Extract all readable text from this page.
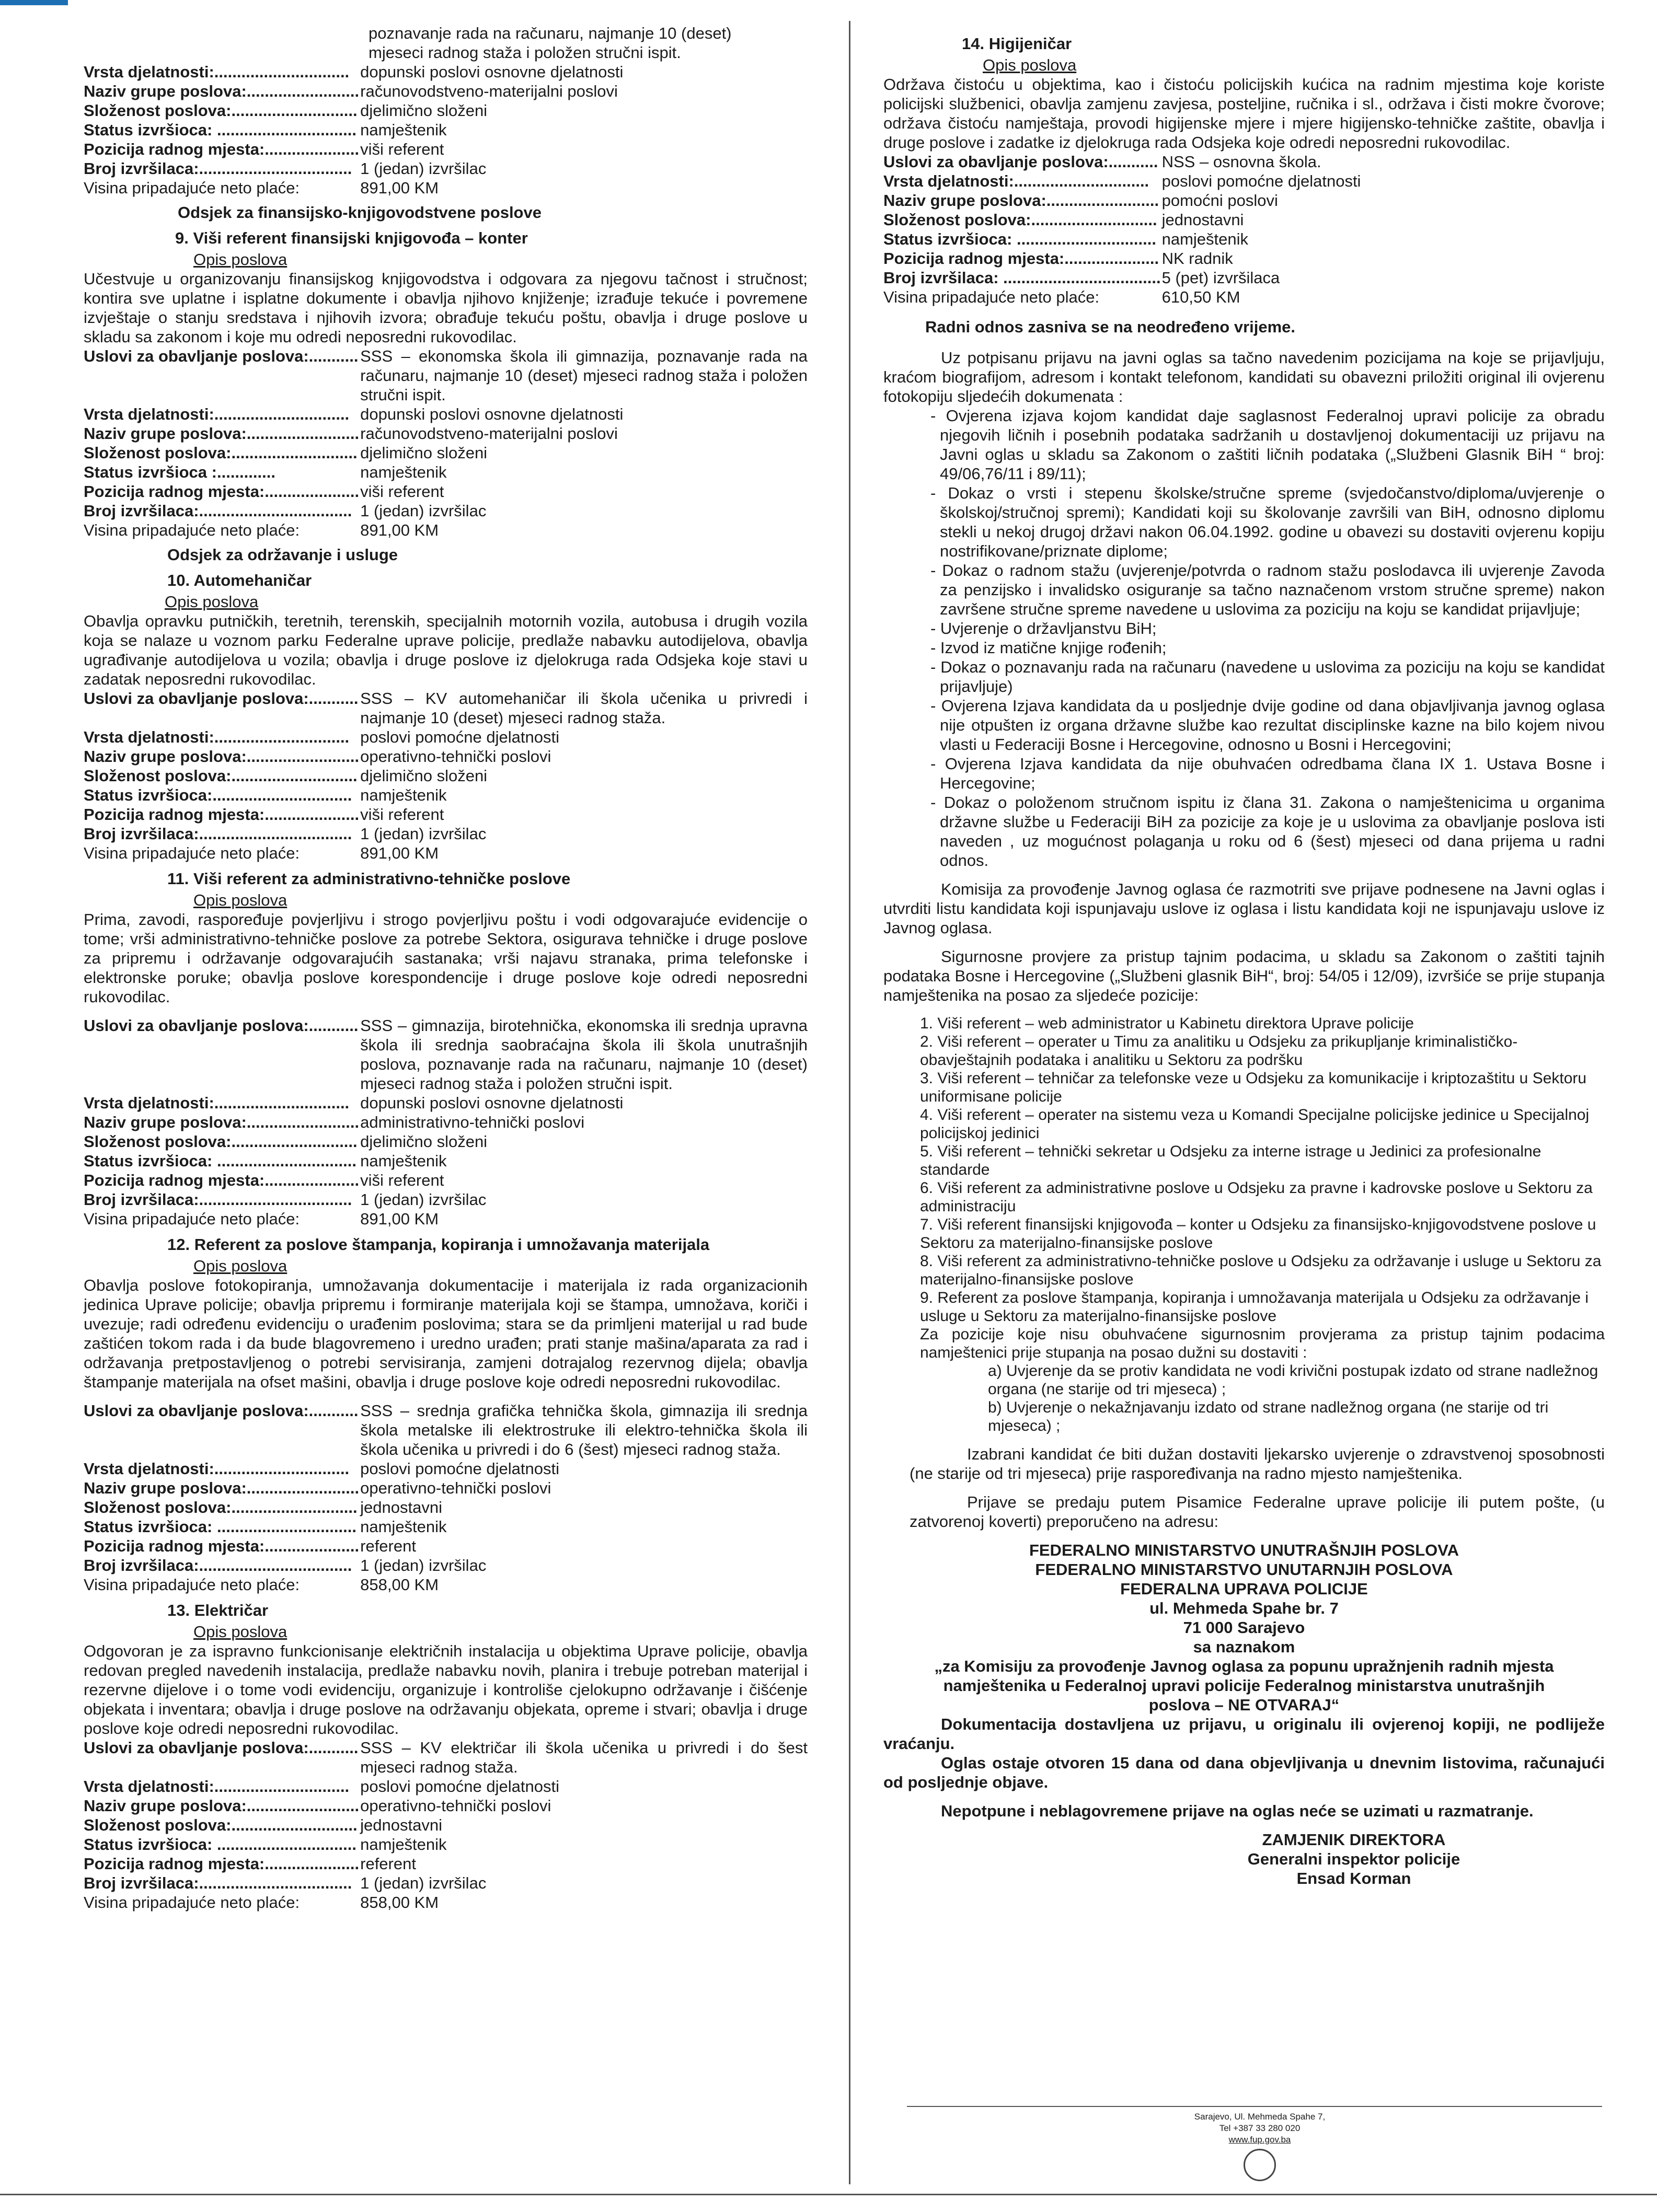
poznavanje rada na računaru, najmanje 10 (deset)
mjeseci radnog staža i položen stručni ispit.
Vrsta djelatnosti:..............................	dopunski poslovi osnovne djelatnosti
Naziv grupe poslova:.........................	računovodstveno-materijalni poslovi
Složenost poslova:............................	djelimično složeni
Status izvršioca: ...............................	namještenik
Pozicija radnog mjesta:.....................	viši referent
Broj izvršilaca:..................................	1 (jedan) izvršilac
Visina pripadajuće neto plaće:	891,00 KM
Odsjek za finansijsko-knjigovodstvene poslove
9. Viši referent finansijski knjigovođa – konter
Opis poslova

Učestvuje u organizovanju finansijskog knjigovodstva i odgovara za njegovu tačnost i stručnost; kontira sve uplatne i isplatne dokumente i obavlja njihovo knjiženje; izrađuje tekuće i povremene izvještaje o stanju sredstava i njihovih izvora; obrađuje tekuću poštu, obavlja i druge poslove u skladu sa zakonom i koje mu odredi neposredni rukovodilac.

Uslovi za obavljanje poslova:...........	SSS – ekonomska škola ili gimnazija, poznavanje rada na računaru, najmanje 10 (deset) mjeseci radnog staža i položen stručni ispit.
Vrsta djelatnosti:..............................	dopunski poslovi osnovne djelatnosti
Naziv grupe poslova:.........................	računovodstveno-materijalni poslovi
Složenost poslova:............................	djelimično složeni
Status izvršioca :.............	namještenik
Pozicija radnog mjesta:.....................	viši referent
Broj izvršilaca:..................................	1 (jedan) izvršilac
Visina pripadajuće neto plaće:	891,00 KM
Odsjek za održavanje i usluge
10. Automehaničar
Opis poslova

Obavlja opravku putničkih, teretnih, terenskih, specijalnih motornih vozila, autobusa i drugih vozila koja se nalaze u voznom parku Federalne uprave policije, predlaže nabavku autodijelova, obavlja ugrađivanje autodijelova u vozila; obavlja i druge poslove iz djelokruga rada Odsjeka koje stavi u zadatak neposredni rukovodilac.

Uslovi za obavljanje poslova:...........	SSS – KV automehaničar ili škola učenika u privredi i najmanje 10 (deset) mjeseci radnog staža.
Vrsta djelatnosti:..............................	poslovi pomoćne djelatnosti
Naziv grupe poslova:.........................	operativno-tehnički poslovi
Složenost poslova:............................	djelimično složeni
Status izvršioca:...............................	namještenik
Pozicija radnog mjesta:.....................	viši referent
Broj izvršilaca:..................................	1 (jedan) izvršilac
Visina pripadajuće neto plaće:	891,00 KM
11. Viši referent za administrativno-tehničke poslove
Opis poslova

Prima, zavodi, raspoređuje povjerljivu i strogo povjerljivu poštu i vodi odgovarajuće evidencije o tome; vrši administrativno-tehničke poslove za potrebe Sektora, osigurava tehničke i druge poslove za pripremu i održavanje odgovarajućih sastanaka; vrši najavu stranaka, prima telefonske i elektronske poruke; obavlja poslove korespondencije i druge poslove koje odredi neposredni rukovodilac.

Uslovi za obavljanje poslova:...........	SSS – gimnazija, birotehnička, ekonomska ili srednja upravna škola ili srednja saobraćajna škola ili škola unutrašnjih poslova, poznavanje rada na računaru, najmanje 10 (deset) mjeseci radnog staža i položen stručni ispit.
Vrsta djelatnosti:..............................	dopunski poslovi osnovne djelatnosti
Naziv grupe poslova:.........................	administrativno-tehnički poslovi
Složenost poslova:............................	djelimično složeni
Status izvršioca: ...............................	namještenik
Pozicija radnog mjesta:.....................	viši referent
Broj izvršilaca:..................................	1 (jedan) izvršilac
Visina pripadajuće neto plaće:	891,00 KM
12. Referent za poslove štampanja, kopiranja i umnožavanja materijala
Opis poslova

Obavlja poslove fotokopiranja, umnožavanja dokumentacije i materijala iz rada organizacionih jedinica Uprave policije; obavlja pripremu i formiranje materijala koji se štampa, umnožava, koriči i uvezuje; radi određenu evidenciju o urađenim poslovima; stara se da primljeni materijal u rad bude zaštićen tokom rada i da bude blagovremeno i uredno urađen; prati stanje mašina/aparata za rad i održavanja pretpostavljenog o potrebi servisiranja, zamjeni dotrajalog rezervnog dijela; obavlja štampanje materijala na ofset mašini, obavlja i druge poslove koje odredi neposredni rukovodilac.

Uslovi za obavljanje poslova:...........	SSS – srednja grafička tehnička škola, gimnazija ili srednja škola metalske ili elektrostruke ili elektro-tehnička škola ili škola učenika u privredi i do 6 (šest) mjeseci radnog staža.
Vrsta djelatnosti:..............................	poslovi pomoćne djelatnosti
Naziv grupe poslova:.........................	operativno-tehnički poslovi
Složenost poslova:............................	jednostavni
Status izvršioca: ...............................	namještenik
Pozicija radnog mjesta:.....................	referent
Broj izvršilaca:..................................	1 (jedan) izvršilac
Visina pripadajuće neto plaće:	858,00 KM
13. Električar
Opis poslova

Odgovoran je za ispravno funkcionisanje električnih instalacija u objektima Uprave policije, obavlja redovan pregled navedenih instalacija, predlaže nabavku novih, planira i trebuje potreban materijal i rezervne dijelove i o tome vodi evidenciju, organizuje i kontroliše cjelokupno održavanje i čišćenje objekata i inventara; obavlja i druge poslove na održavanju objekata, opreme i stvari; obavlja i druge poslove koje odredi neposredni rukovodilac.

Uslovi za obavljanje poslova:...........	SSS – KV električar ili škola učenika u privredi i do šest mjeseci radnog staža.
Vrsta djelatnosti:..............................	poslovi pomoćne djelatnosti
Naziv grupe poslova:.........................	operativno-tehnički poslovi
Složenost poslova:............................	jednostavni
Status izvršioca: ...............................	namještenik
Pozicija radnog mjesta:.....................	referent
Broj izvršilaca:..................................	1 (jedan) izvršilac
Visina pripadajuće neto plaće:	858,00 KM
14. Higijeničar
Opis poslova

Održava čistoću u objektima, kao i čistoću policijskih kućica na radnim mjestima koje koriste policijski službenici, obavlja zamjenu zavjesa, posteljine, ručnika i sl., održava i čisti mokre čvorove; održava čistoću namještaja, provodi higijenske mjere i mjere higijensko-tehničke zaštite, obavlja i druge poslove i zadatke iz djelokruga rada Odsjeka koje odredi neposredni rukovodilac.

Uslovi za obavljanje poslova:...........	NSS – osnovna škola.
Vrsta djelatnosti:..............................	poslovi pomoćne djelatnosti
Naziv grupe poslova:.........................	pomoćni poslovi
Složenost poslova:............................	jednostavni
Status izvršioca: ...............................	namještenik
Pozicija radnog mjesta:.....................	NK radnik
Broj izvršilaca: ...................................	5 (pet) izvršilaca
Visina pripadajuće neto plaće:	610,50 KM
Radni odnos zasniva se na neodređeno vrijeme.

Uz potpisanu prijavu na javni oglas sa tačno navedenim pozicijama na koje se prijavljuju, kraćom biografijom, adresom i kontakt telefonom, kandidati su obavezni priložiti original ili ovjerenu fotokopiju sljedećih dokumenata :

- Ovjerena izjava kojom kandidat daje saglasnost Federalnoj upravi policije za obradu njegovih ličnih i posebnih podataka sadržanih u dostavljenoj dokumentaciji uz prijavu na Javni oglas u skladu sa Zakonom o zaštiti ličnih podataka („Službeni Glasnik BiH “ broj: 49/06,76/11 i 89/11);
- Dokaz o vrsti i stepenu školske/stručne spreme (svjedočanstvo/diploma/uvjerenje o školskoj/stručnoj spremi); Kandidati koji su školovanje završili van BiH, odnosno diplomu stekli u nekoj drugoj državi nakon 06.04.1992. godine u obavezi su dostaviti ovjerenu kopiju nostrifikovane/priznate diplome;
- Dokaz o radnom stažu (uvjerenje/potvrda o radnom stažu poslodavca ili uvjerenje Zavoda za penzijsko i invalidsko osiguranje sa tačno naznačenom vrstom stručne spreme) nakon završene stručne spreme navedene u uslovima za poziciju na koju se kandidat prijavljuje;
- Uvjerenje o državljanstvu BiH;
- Izvod iz matične knjige rođenih;
- Dokaz o poznavanju rada na računaru (navedene u uslovima za poziciju na koju se kandidat prijavljuje)
- Ovjerena Izjava kandidata da u posljednje dvije godine od dana objavljivanja javnog oglasa nije otpušten iz organa državne službe kao rezultat disciplinske kazne na bilo kojem nivou vlasti u Federaciji Bosne i Hercegovine, odnosno u Bosni i Hercegovini;
- Ovjerena Izjava kandidata da nije obuhvaćen odredbama člana IX 1. Ustava Bosne i Hercegovine;
- Dokaz o položenom stručnom ispitu iz člana 31. Zakona o namještenicima u organima državne službe u Federaciji BiH za pozicije za koje je u uslovima za obavljanje poslova isti naveden , uz mogućnost polaganja u roku od 6 (šest) mjeseci od dana prijema u radni odnos.

Komisija za provođenje Javnog oglasa će razmotriti sve prijave podnesene na Javni oglas i utvrditi listu kandidata koji ispunjavaju uslove iz oglasa i listu kandidata koji ne ispunjavaju uslove iz Javnog oglasa.

Sigurnosne provjere za pristup tajnim podacima, u skladu sa Zakonom o zaštiti tajnih podataka Bosne i Hercegovine („Službeni glasnik BiH“, broj: 54/05 i 12/09), izvršiće se prije stupanja namještenika na posao za sljedeće pozicije:

1. Viši referent – web administrator u Kabinetu direktora Uprave policije
2. Viši referent – operater u Timu za analitiku u Odsjeku za prikupljanje kriminalističko-obavještajnih podataka i analitiku u Sektoru za podršku
3. Viši referent – tehničar za telefonske veze u Odsjeku za komunikacije i kriptozaštitu u Sektoru uniformisane policije
4. Viši referent – operater na sistemu veza u Komandi Specijalne policijske jedinice u Specijalnoj policijskoj jedinici
5. Viši referent – tehnički sekretar u Odsjeku za interne istrage u Jedinici za profesionalne standarde
6. Viši referent za administrativne poslove u Odsjeku za pravne i kadrovske poslove u Sektoru za administraciju
7. Viši referent finansijski knjigovođa – konter u Odsjeku za finansijsko-knjigovodstvene poslove u Sektoru za materijalno-finansijske poslove
8. Viši referent za administrativno-tehničke poslove u Odsjeku za održavanje i usluge u Sektoru za materijalno-finansijske poslove
9. Referent za poslove štampanja, kopiranja i umnožavanja materijala u Odsjeku za održavanje i usluge u Sektoru za materijalno-finansijske poslove

Za pozicije koje nisu obuhvaćene sigurnosnim provjerama za pristup tajnim podacima namještenici prije stupanja na posao dužni su dostaviti :

a) Uvjerenje da se protiv kandidata ne vodi krivični postupak izdato od strane nadležnog organa (ne starije od tri mjeseca) ;
b) Uvjerenje o nekažnjavanju izdato od strane nadležnog organa (ne starije od tri mjeseca) ;

Izabrani kandidat će biti dužan dostaviti ljekarsko uvjerenje o zdravstvenoj sposobnosti (ne starije od tri mjeseca) prije raspoređivanja na radno mjesto namještenika.

Prijave se predaju putem Pisamice Federalne uprave policije ili putem pošte, (u zatvorenoj koverti) preporučeno na adresu:

FEDERALNO MINISTARSTVO UNUTRAŠNJIH POSLOVA
FEDERALNO MINISTARSTVO UNUTARNJIH POSLOVA
FEDERALNA UPRAVA POLICIJE
ul. Mehmeda Spahe br. 7
71 000 Sarajevo
sa naznakom
„za Komisiju za provođenje Javnog oglasa za popunu upražnjenih radnih mjesta namještenika u Federalnoj upravi policije Federalnog ministarstva unutrašnjih poslova – NE OTVARAJ“

Dokumentacija dostavljena uz prijavu, u originalu ili ovjerenoj kopiji, ne podliježe vraćanju.

Oglas ostaje otvoren 15 dana od dana objevljivanja u dnevnim listovima, računajući od posljednje objave.

Nepotpune i neblagovremene prijave na oglas neće se uzimati u razmatranje.

ZAMJENIK DIREKTORA
Generalni inspektor policije
Ensad Korman
Sarajevo, Ul. Mehmeda Spahe 7,
Tel +387 33 280 020
www.fup.gov.ba
